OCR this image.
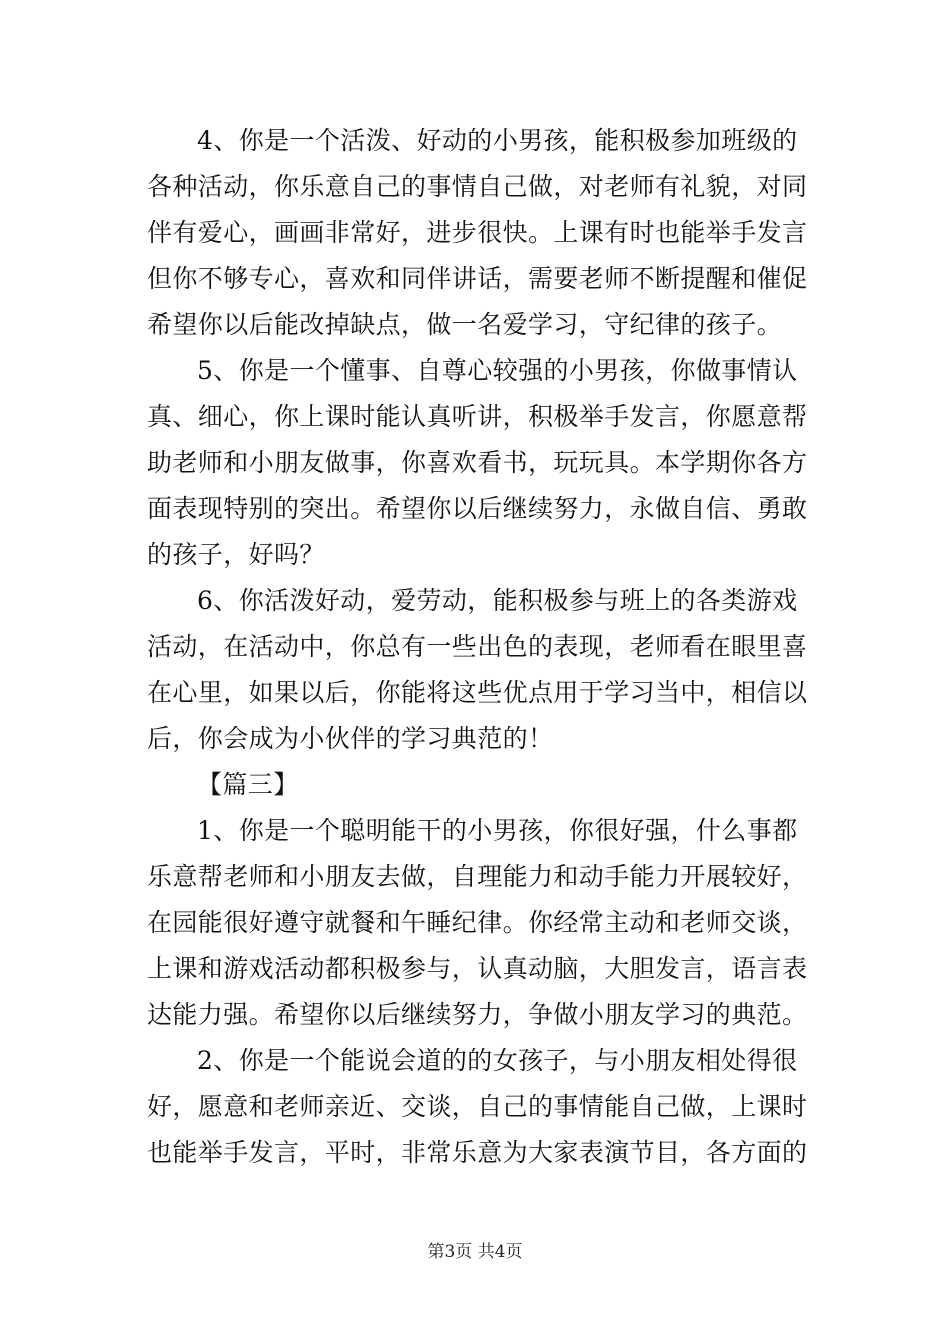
4、你是一个活泼、好动的小男孩，能积极参加班级的
各种活动，你乐意自己的事情自己做，对老师有礼貌，对同
伴有爱心，画画非常好，进步很快。上课有时也能举手发言
但你不够专心，喜欢和同伴讲话，需要老师不断提醒和催促
希望你以后能改掉缺点，做一名爱学习，守纪律的孩子。
5、你是一个懂事、自尊心较强的小男孩，你做事情认
真、细心，你上课时能认真听讲，积极举手发言，你愿意帮
助老师和小朋友做事，你喜欢看书，玩玩具。本学期你各方
面表现特别的突出。希望你以后继续努力，永做自信、勇敢
的孩子，好吗？
6、你活泼好动，爱劳动，能积极参与班上的各类游戏
活动，在活动中，你总有一些出色的表现，老师看在眼里喜
在心里，如果以后，你能将这些优点用于学习当中，相信以
后，你会成为小伙伴的学习典范的！
【篇三】
1、你是一个聪明能干的小男孩，你很好强，什么事都
乐意帮老师和小朋友去做，自理能力和动手能力开展较好，
在园能很好遵守就餐和午睡纪律。你经常主动和老师交谈，
上课和游戏活动都积极参与，认真动脑，大胆发言，语言表
达能力强。希望你以后继续努力，争做小朋友学习的典范。
2、你是一个能说会道的的女孩子，与小朋友相处得很
好，愿意和老师亲近、交谈，自己的事情能自己做，上课时
也能举手发言，平时，非常乐意为大家表演节目，各方面的
第3页 共4页
